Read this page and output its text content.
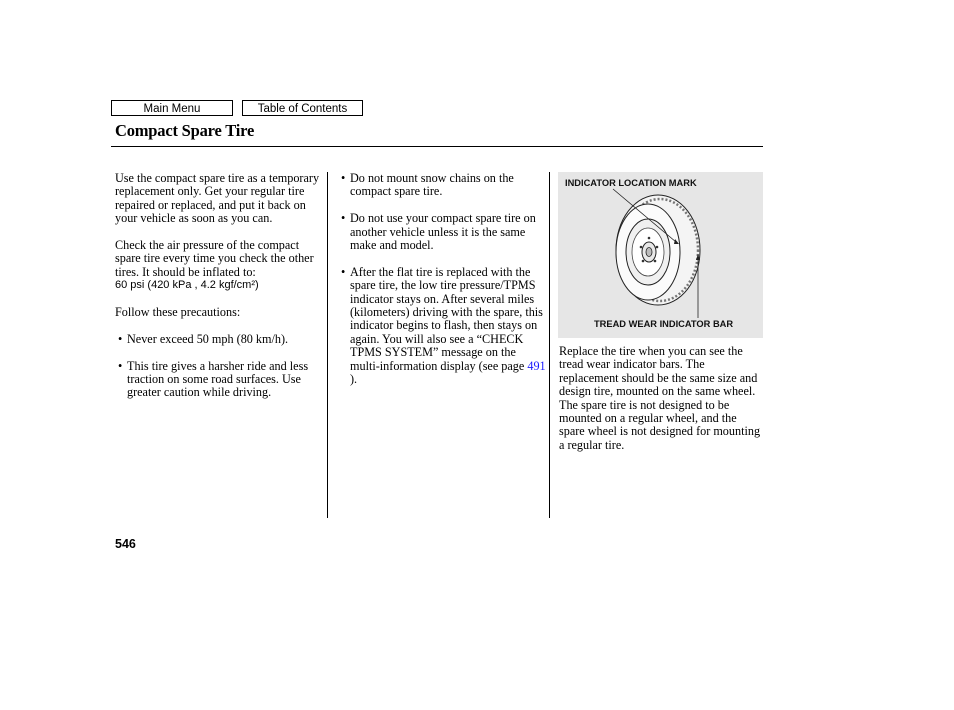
Main Menu	Table of Contents
Compact Spare Tire

Use the compact spare tire as a temporary replacement only. Get your regular tire repaired or replaced, and put it back on your vehicle as soon as you can.

Check the air pressure of the compact spare tire every time you check the other tires. It should be inflated to:

60 psi (420 kPa , 4.2 kgf/cm²)

Follow these precautions:

• Never exceed 50 mph (80 km/h).

• This tire gives a harsher ride and less traction on some road surfaces. Use greater caution while driving.

• Do not mount snow chains on the compact spare tire.

• Do not use your compact spare tire on another vehicle unless it is the same make and model.

• After the flat tire is replaced with the spare tire, the low tire pressure/TPMS indicator stays on. After several miles (kilometers) driving with the spare, this indicator begins to flash, then stays on again. You will also see a “CHECK TPMS SYSTEM” message on the multi-information display (see page 491 ).

INDICATOR LOCATION MARK
TREAD WEAR INDICATOR BAR

Replace the tire when you can see the tread wear indicator bars. The replacement should be the same size and design tire, mounted on the same wheel. The spare tire is not designed to be mounted on a regular wheel, and the spare wheel is not designed for mounting a regular tire.

546
